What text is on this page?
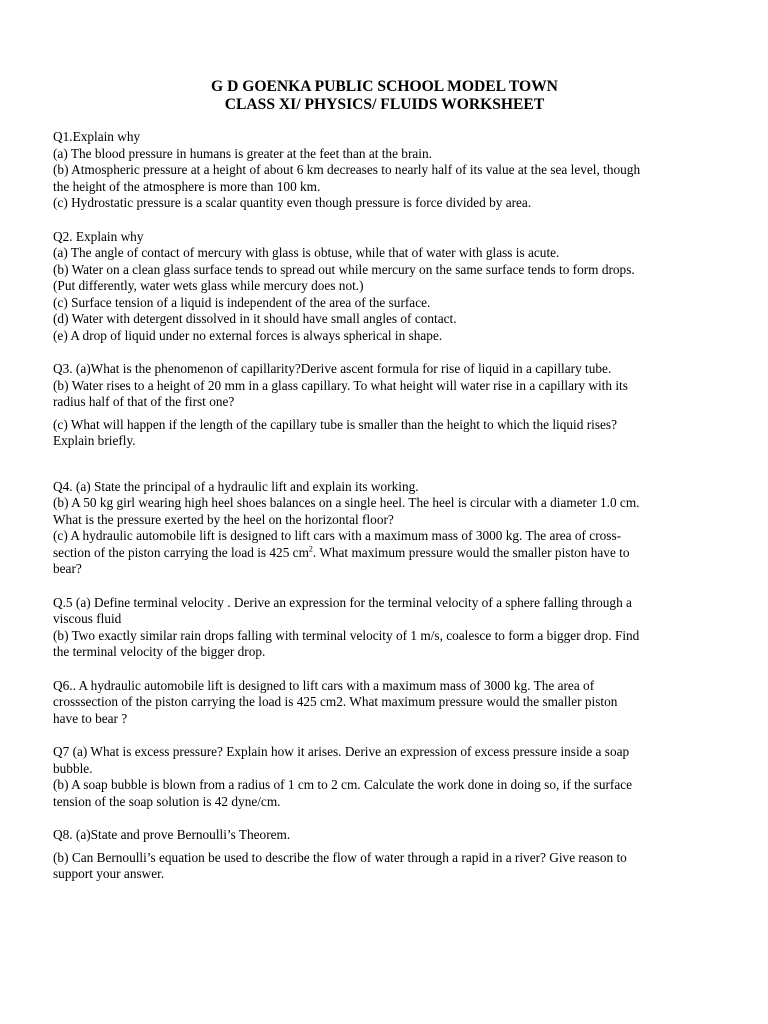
G D GOENKA PUBLIC SCHOOL MODEL TOWN
CLASS XI/ PHYSICS/ FLUIDS WORKSHEET
Q1.Explain why
(a) The blood pressure in humans is greater at the feet than at the brain.
(b) Atmospheric pressure at a height of about 6 km decreases to nearly half of its value at the sea level, though
the height of the atmosphere is more than 100 km.
(c) Hydrostatic pressure is a scalar quantity even though pressure is force divided by area.
Q2. Explain why
(a) The angle of contact of mercury with glass is obtuse, while that of water with glass is acute.
(b) Water on a clean glass surface tends to spread out while mercury on the same surface tends to form drops.
(Put differently, water wets glass while mercury does not.)
(c) Surface tension of a liquid is independent of the area of the surface.
(d) Water with detergent dissolved in it should have small angles of contact.
(e) A drop of liquid under no external forces is always spherical in shape.
Q3. (a)What is the phenomenon of capillarity?Derive ascent formula for rise of liquid in a capillary tube.
(b) Water rises to a height of 20 mm in a glass capillary. To what height will water rise in a capillary with its
radius half of that of the first one?
(c) What will happen if the length of the capillary tube is smaller than the height to which the liquid rises?
Explain briefly.
Q4. (a) State the principal of a hydraulic lift and explain its working.
(b) A 50 kg girl wearing high heel shoes balances on a single heel. The heel is circular with a diameter 1.0 cm.
What is the pressure exerted by the heel on the horizontal floor?
(c) A hydraulic automobile lift is designed to lift cars with a maximum mass of 3000 kg. The area of cross-
section of the piston carrying the load is 425 $cm^2$. What maximum pressure would the smaller piston have to
bear?
Q.5 (a) Define terminal velocity . Derive an expression for the terminal velocity of a sphere falling through a
viscous fluid
(b) Two exactly similar rain drops falling with terminal velocity of 1 m/s, coalesce to form a bigger drop. Find
the terminal velocity of the bigger drop.
Q6.. A hydraulic automobile lift is designed to lift cars with a maximum mass of 3000 kg. The area of
crosssection of the piston carrying the load is 425 cm2. What maximum pressure would the smaller piston
have to bear ?
Q7 (a) What is excess pressure? Explain how it arises. Derive an expression of excess pressure inside a soap
bubble.
(b) A soap bubble is blown from a radius of 1 cm to 2 cm. Calculate the work done in doing so, if the surface
tension of the soap solution is 42 dyne/cm.
Q8. (a)State and prove Bernoulli’s Theorem.
(b) Can Bernoulli’s equation be used to describe the flow of water through a rapid in a river? Give reason to
support your answer.
